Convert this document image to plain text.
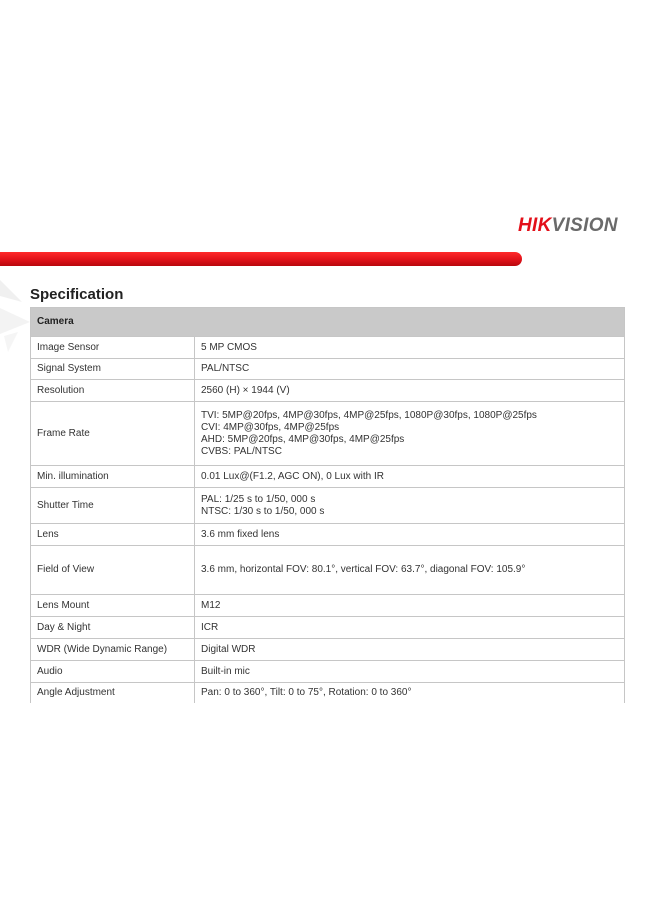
HIKVISION
Specification
Camera	
Image Sensor	5 MP CMOS

Signal System	PAL/NTSC

Resolution	2560 (H) × 1944 (V)

Frame Rate	TVI: 5MP@20fps, 4MP@30fps, 4MP@25fps, 1080P@30fps, 1080P@25fps
CVI: 4MP@30fps, 4MP@25fps
AHD: 5MP@20fps, 4MP@30fps, 4MP@25fps
CVBS: PAL/NTSC

Min. illumination	0.01 Lux@(F1.2, AGC ON), 0 Lux with IR

Shutter Time	PAL: 1/25 s to 1/50, 000 s
NTSC: 1/30 s to 1/50, 000 s

Lens	3.6 mm fixed lens

Field of View	3.6 mm, horizontal FOV: 80.1°, vertical FOV: 63.7°, diagonal FOV: 105.9°

Lens Mount	M12

Day & Night	ICR

WDR (Wide Dynamic Range)	Digital WDR

Audio	Built-in mic

Angle Adjustment	Pan: 0 to 360°, Tilt: 0 to 75°, Rotation: 0 to 360°
